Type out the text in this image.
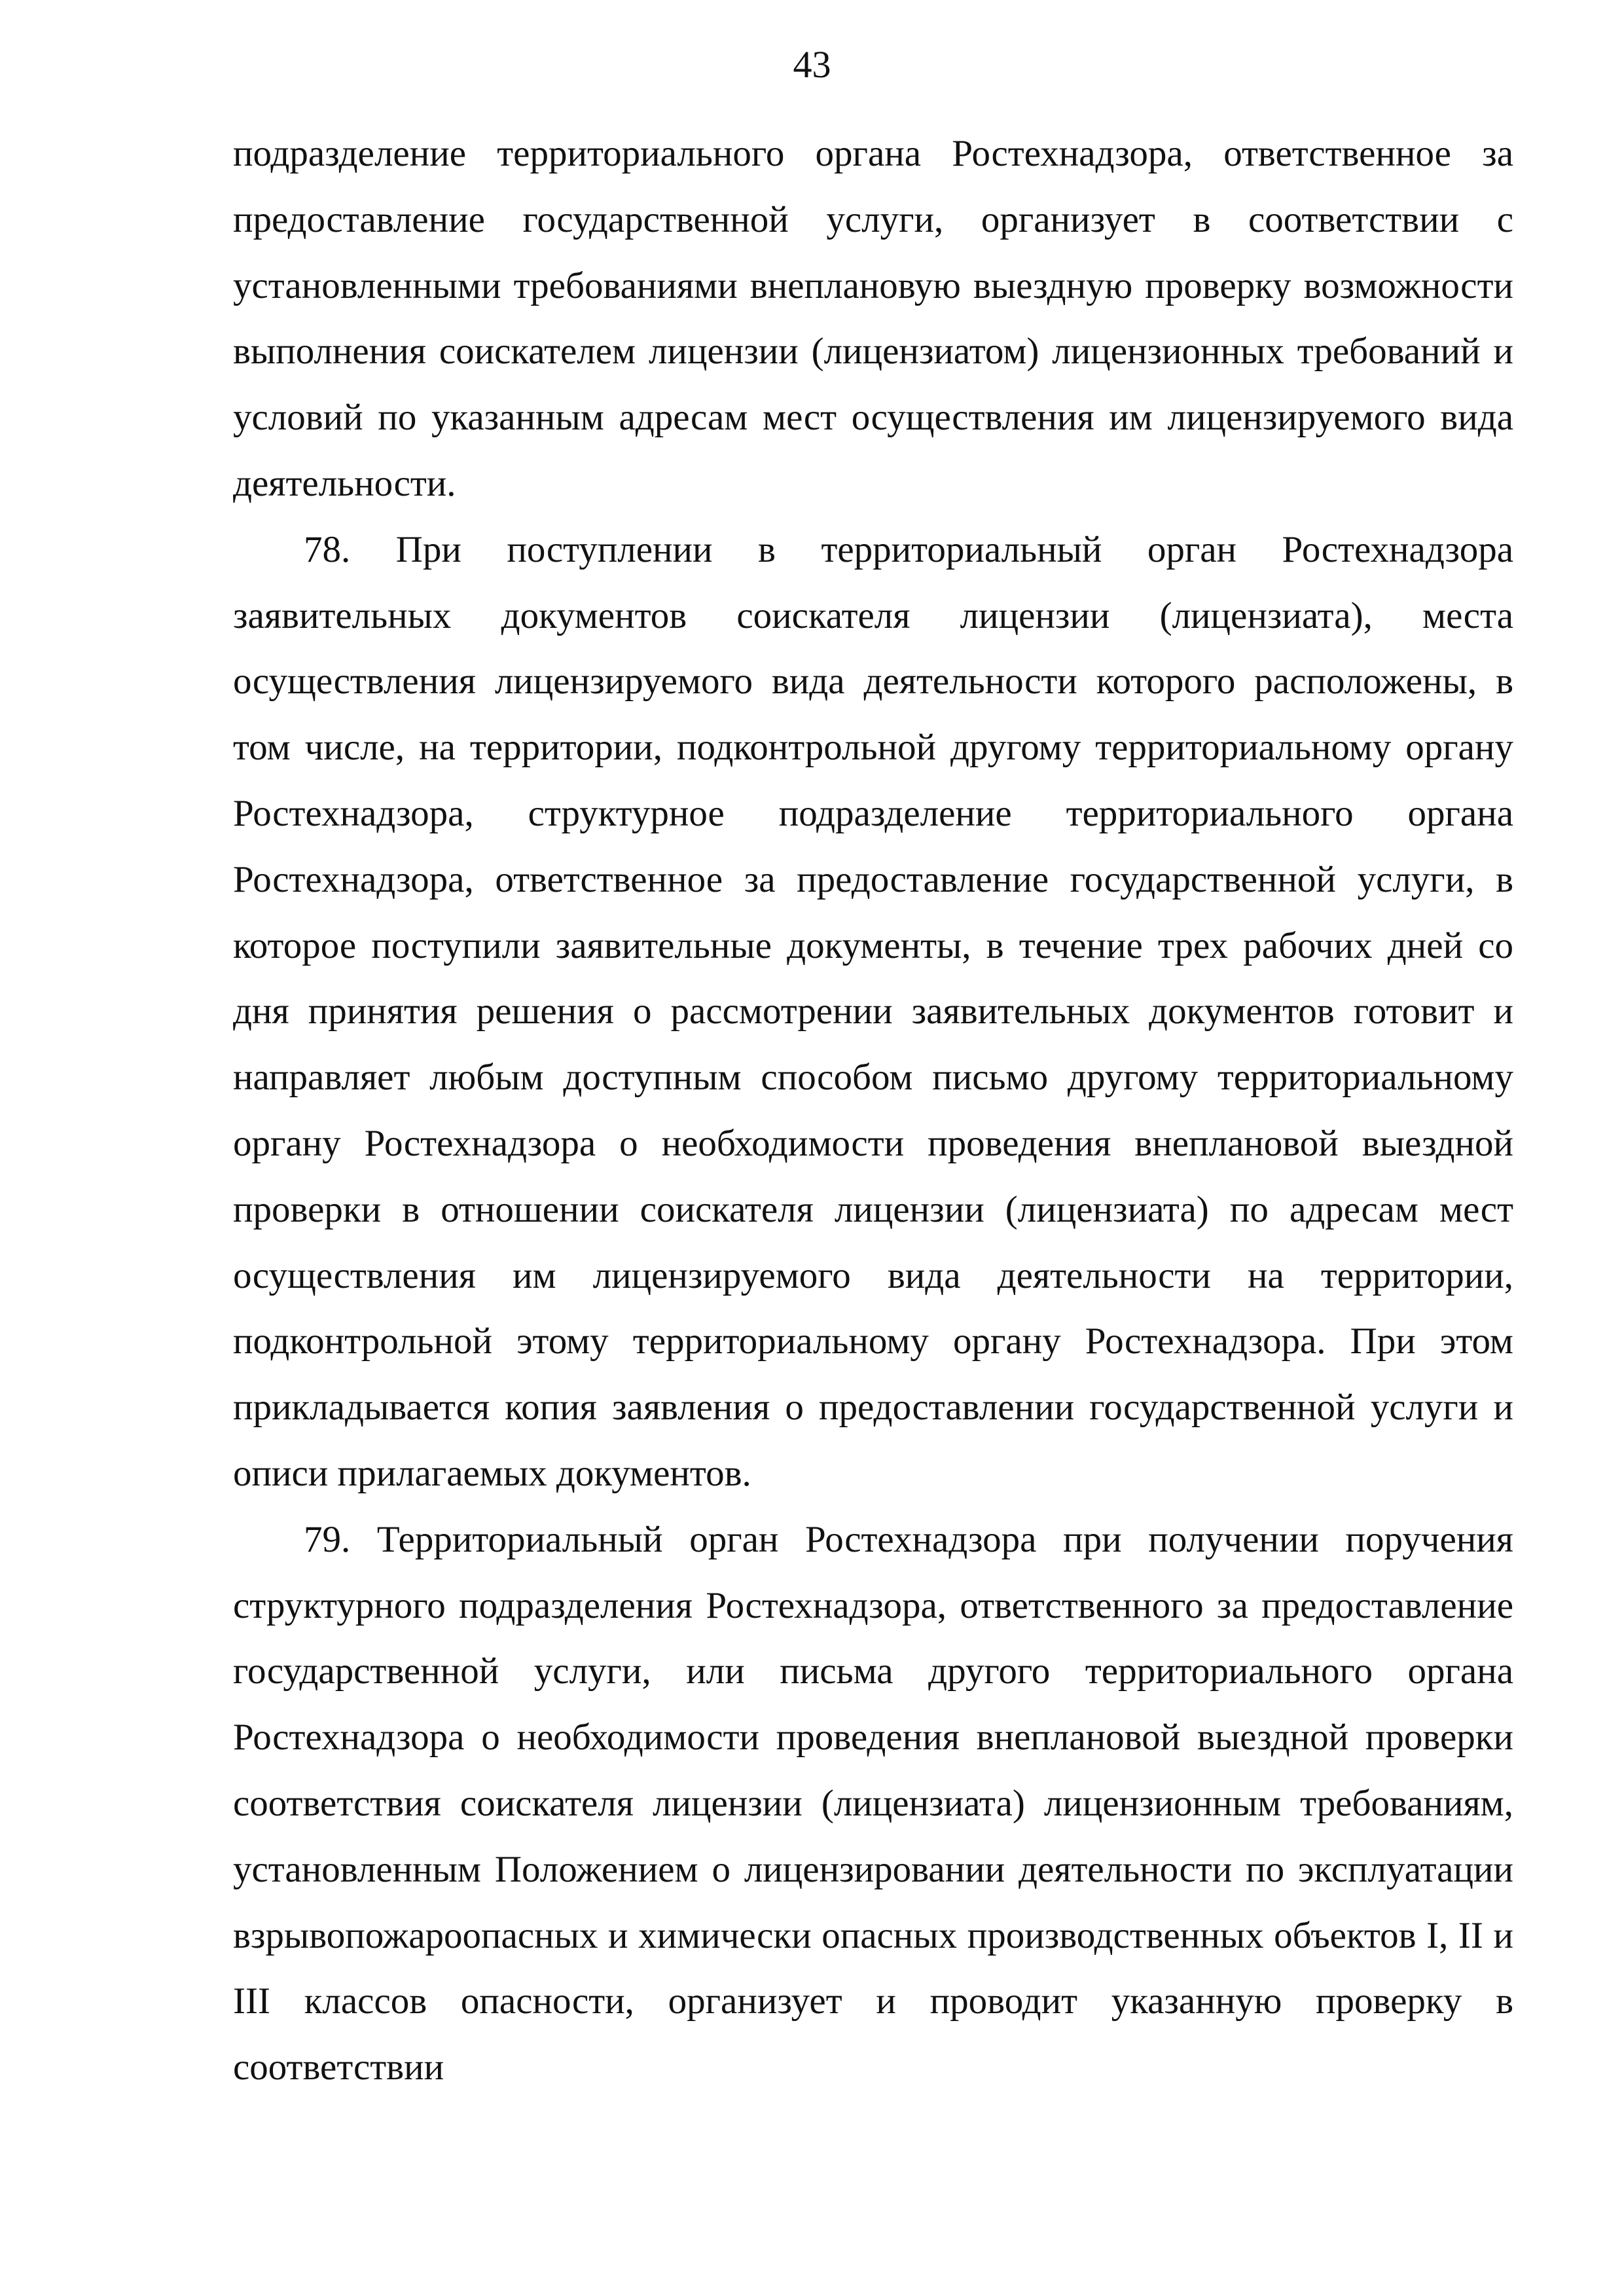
43

подразделение территориального органа Ростехнадзора, ответственное за предоставление государственной услуги, организует в соответствии с установленными требованиями внеплановую выездную проверку возможности выполнения соискателем лицензии (лицензиатом) лицензионных требований и условий по указанным адресам мест осуществления им лицензируемого вида деятельности.

78. При поступлении в территориальный орган Ростехнадзора заявительных документов соискателя лицензии (лицензиата), места осуществления лицензируемого вида деятельности которого расположены, в том числе, на территории, подконтрольной другому территориальному органу Ростехнадзора, структурное подразделение территориального органа Ростехнадзора, ответственное за предоставление государственной услуги, в которое поступили заявительные документы, в течение трех рабочих дней со дня принятия решения о рассмотрении заявительных документов готовит и направляет любым доступным способом письмо другому территориальному органу Ростехнадзора о необходимости проведения внеплановой выездной проверки в отношении соискателя лицензии (лицензиата) по адресам мест осуществления им лицензируемого вида деятельности на территории, подконтрольной этому территориальному органу Ростехнадзора. При этом прикладывается копия заявления о предоставлении государственной услуги и описи прилагаемых документов.

79. Территориальный орган Ростехнадзора при получении поручения структурного подразделения Ростехнадзора, ответственного за предоставление государственной услуги, или письма другого территориального органа Ростехнадзора о необходимости проведения внеплановой выездной проверки соответствия соискателя лицензии (лицензиата) лицензионным требованиям, установленным Положением о лицензировании деятельности по эксплуатации взрывопожароопасных и химически опасных производственных объектов I, II и III классов опасности, организует и проводит указанную проверку в соответствии
